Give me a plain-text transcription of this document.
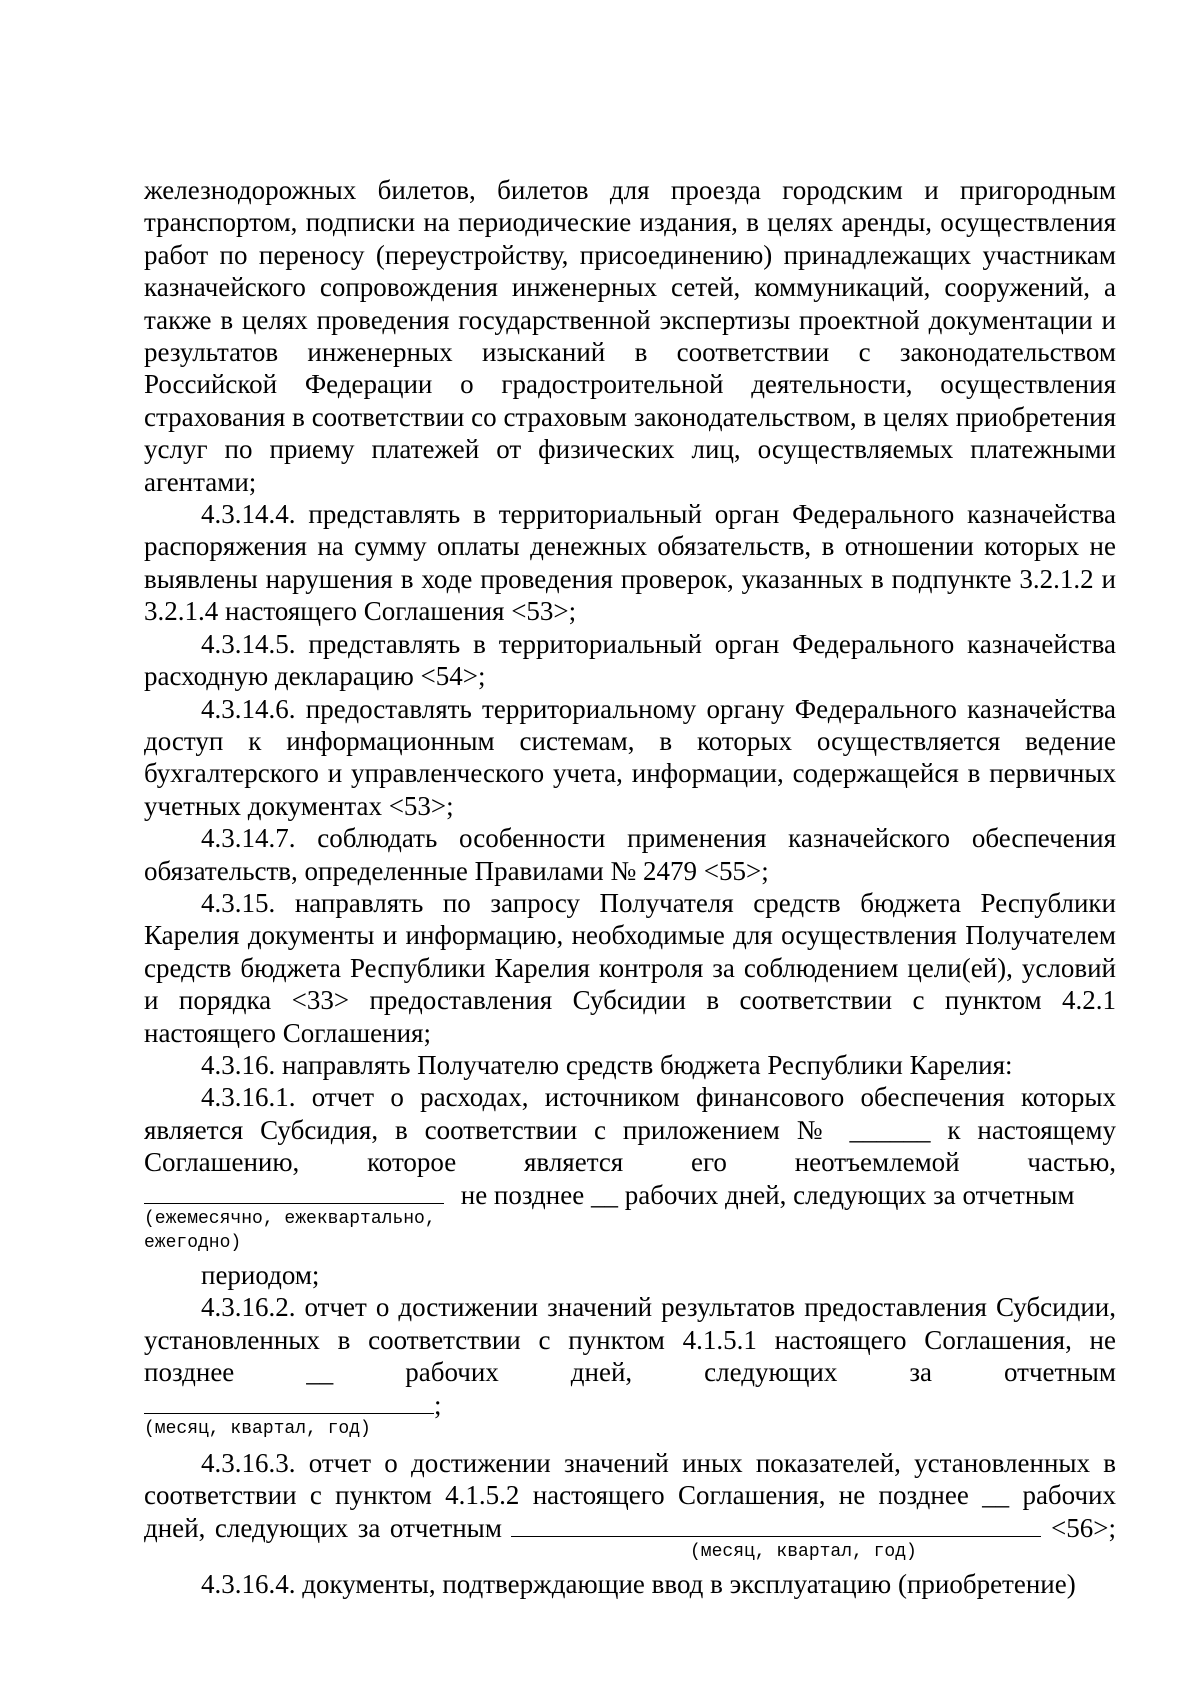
железнодорожных билетов, билетов для проезда городским и пригородным транспортом, подписки на периодические издания, в целях аренды, осуществления работ по переносу (переустройству, присоединению) принадлежащих участникам казначейского сопровождения инженерных сетей, коммуникаций, сооружений, а также в целях проведения государственной экспертизы проектной документации и результатов инженерных изысканий в соответствии с законодательством Российской Федерации о градостроительной деятельности, осуществления страхования в соответствии со страховым законодательством, в целях приобретения услуг по приему платежей от физических лиц, осуществляемых платежными агентами;

4.3.14.4. представлять в территориальный орган Федерального казначейства распоряжения на сумму оплаты денежных обязательств, в отношении которых не выявлены нарушения в ходе проведения проверок, указанных в подпункте 3.2.1.2 и 3.2.1.4 настоящего Соглашения <53>;

4.3.14.5. представлять в территориальный орган Федерального казначейства расходную декларацию <54>;

4.3.14.6. предоставлять территориальному органу Федерального казначейства доступ к информационным системам, в которых осуществляется ведение бухгалтерского и управленческого учета, информации, содержащейся в первичных учетных документах <53>;

4.3.14.7. соблюдать особенности применения казначейского обеспечения обязательств, определенные Правилами № 2479 <55>;

4.3.15. направлять по запросу Получателя средств бюджета Республики Карелия документы и информацию, необходимые для осуществления Получателем средств бюджета Республики Карелия контроля за соблюдением цели(ей), условий и порядка <33> предоставления Субсидии в соответствии с пунктом 4.2.1 настоящего Соглашения;

4.3.16. направлять Получателю средств бюджета Республики Карелия:

4.3.16.1. отчет о расходах, источником финансового обеспечения которых является Субсидия, в соответствии с приложением № ______ к настоящему Соглашению, которое является его неотъемлемой частью,

не позднее __ рабочих дней, следующих за отчетным
(ежемесячно, ежеквартально, ежегодно)

периодом;

4.3.16.2. отчет о достижении значений результатов предоставления Субсидии, установленных в соответствии с пунктом 4.1.5.1 настоящего Соглашения, не позднее __ рабочих дней, следующих за отчетным

;
(месяц, квартал, год)

4.3.16.3. отчет о достижении значений иных показателей, установленных в соответствии с пунктом 4.1.5.2 настоящего Соглашения, не позднее __ рабочих дней, следующих за отчетным	<56>;

(месяц, квартал, год)

4.3.16.4. документы, подтверждающие ввод в эксплуатацию (приобретение)
